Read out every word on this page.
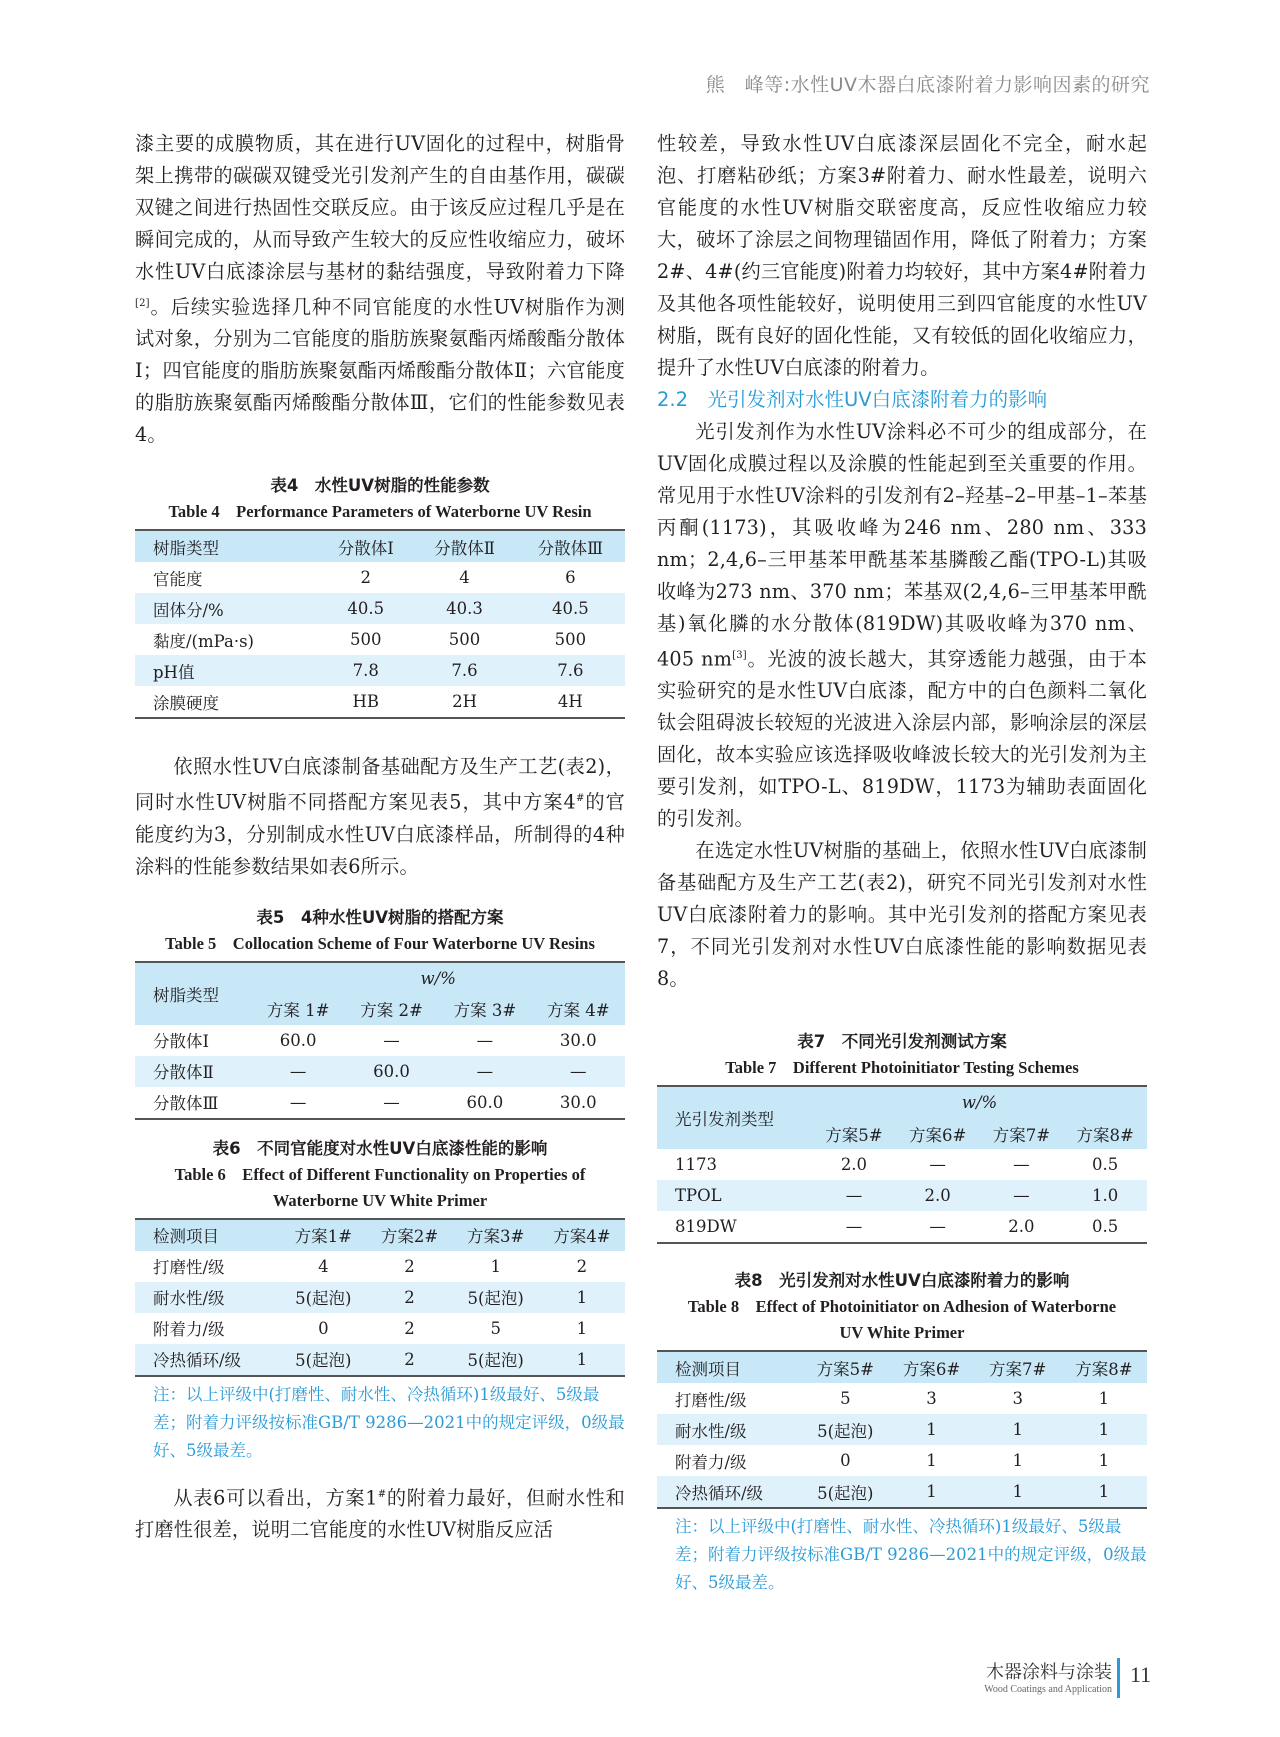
熊　峰等:水性UV木器白底漆附着力影响因素的研究

漆主要的成膜物质，其在进行UV固化的过程中，树脂骨架上携带的碳碳双键受光引发剂产生的自由基作用，碳碳双键之间进行热固性交联反应。由于该反应过程几乎是在瞬间完成的，从而导致产生较大的反应性收缩应力，破坏水性UV白底漆涂层与基材的黏结强度，导致附着力下降[2]。后续实验选择几种不同官能度的水性UV树脂作为测试对象，分别为二官能度的脂肪族聚氨酯丙烯酸酯分散体Ⅰ；四官能度的脂肪族聚氨酯丙烯酸酯分散体Ⅱ；六官能度的脂肪族聚氨酯丙烯酸酯分散体Ⅲ，它们的性能参数见表4。

表4　水性UV树脂的性能参数

Table 4　Performance Parameters of Waterborne UV Resin

树脂类型	分散体Ⅰ	分散体Ⅱ	分散体Ⅲ
官能度	2	4	6
固体分/%	40.5	40.3	40.5
黏度/(mPa·s)	500	500	500
pH值	7.8	7.6	7.6
涂膜硬度	HB	2H	4H

依照水性UV白底漆制备基础配方及生产工艺(表2)，同时水性UV树脂不同搭配方案见表5，其中方案4#的官能度约为3，分别制成水性UV白底漆样品，所制得的4种涂料的性能参数结果如表6所示。

表5　4种水性UV树脂的搭配方案

Table 5　Collocation Scheme of Four Waterborne UV Resins

树脂类型	w/%			
	方案 1#	方案 2#	方案 3#	方案 4#
分散体Ⅰ	60.0	—	—	30.0
分散体Ⅱ	—	60.0	—	—
分散体Ⅲ	—	—	60.0	30.0

表6　不同官能度对水性UV白底漆性能的影响

Table 6　Effect of Different Functionality on Properties of Waterborne UV White Primer

检测项目	方案1#	方案2#	方案3#	方案4#
打磨性/级	4	2	1	2
耐水性/级	5(起泡)	2	5(起泡)	1
附着力/级	0	2	5	1
冷热循环/级	5(起泡)	2	5(起泡)	1

注：以上评级中(打磨性、耐水性、冷热循环)1级最好、5级最差；附着力评级按标准GB/T 9286—2021中的规定评级，0级最好、5级最差。

从表6可以看出，方案1#的附着力最好，但耐水性和打磨性很差，说明二官能度的水性UV树脂反应活

性较差，导致水性UV白底漆深层固化不完全，耐水起泡、打磨粘砂纸；方案3#附着力、耐水性最差，说明六官能度的水性UV树脂交联密度高，反应性收缩应力较大，破坏了涂层之间物理锚固作用，降低了附着力；方案2#、4#(约三官能度)附着力均较好，其中方案4#附着力及其他各项性能较好，说明使用三到四官能度的水性UV树脂，既有良好的固化性能，又有较低的固化收缩应力，提升了水性UV白底漆的附着力。

2.2　光引发剂对水性UV白底漆附着力的影响

光引发剂作为水性UV涂料必不可少的组成部分，在UV固化成膜过程以及涂膜的性能起到至关重要的作用。常见用于水性UV涂料的引发剂有2–羟基–2–甲基–1–苯基丙酮(1173)，其吸收峰为246 nm、280 nm、333 nm；2,4,6–三甲基苯甲酰基苯基膦酸乙酯(TPO-L)其吸收峰为273 nm、370 nm；苯基双(2,4,6–三甲基苯甲酰基)氧化膦的水分散体(819DW)其吸收峰为370 nm、405 nm[3]。光波的波长越大，其穿透能力越强，由于本实验研究的是水性UV白底漆，配方中的白色颜料二氧化钛会阻碍波长较短的光波进入涂层内部，影响涂层的深层固化，故本实验应该选择吸收峰波长较大的光引发剂为主要引发剂，如TPO-L、819DW，1173为辅助表面固化的引发剂。

在选定水性UV树脂的基础上，依照水性UV白底漆制备基础配方及生产工艺(表2)，研究不同光引发剂对水性UV白底漆附着力的影响。其中光引发剂的搭配方案见表7，不同光引发剂对水性UV白底漆性能的影响数据见表8。

表7　不同光引发剂测试方案

Table 7　Different Photoinitiator Testing Schemes

光引发剂类型	w/%			
	方案5#	方案6#	方案7#	方案8#
1173	2.0	—	—	0.5
TPOL	—	2.0	—	1.0
819DW	—	—	2.0	0.5

表8　光引发剂对水性UV白底漆附着力的影响

Table 8　Effect of Photoinitiator on Adhesion of Waterborne UV White Primer

检测项目	方案5#	方案6#	方案7#	方案8#
打磨性/级	5	3	3	1
耐水性/级	5(起泡)	1	1	1
附着力/级	0	1	1	1
冷热循环/级	5(起泡)	1	1	1

注：以上评级中(打磨性、耐水性、冷热循环)1级最好、5级最差；附着力评级按标准GB/T 9286—2021中的规定评级，0级最好、5级最差。

木器涂料与涂装
Wood Coatings and Application
11
